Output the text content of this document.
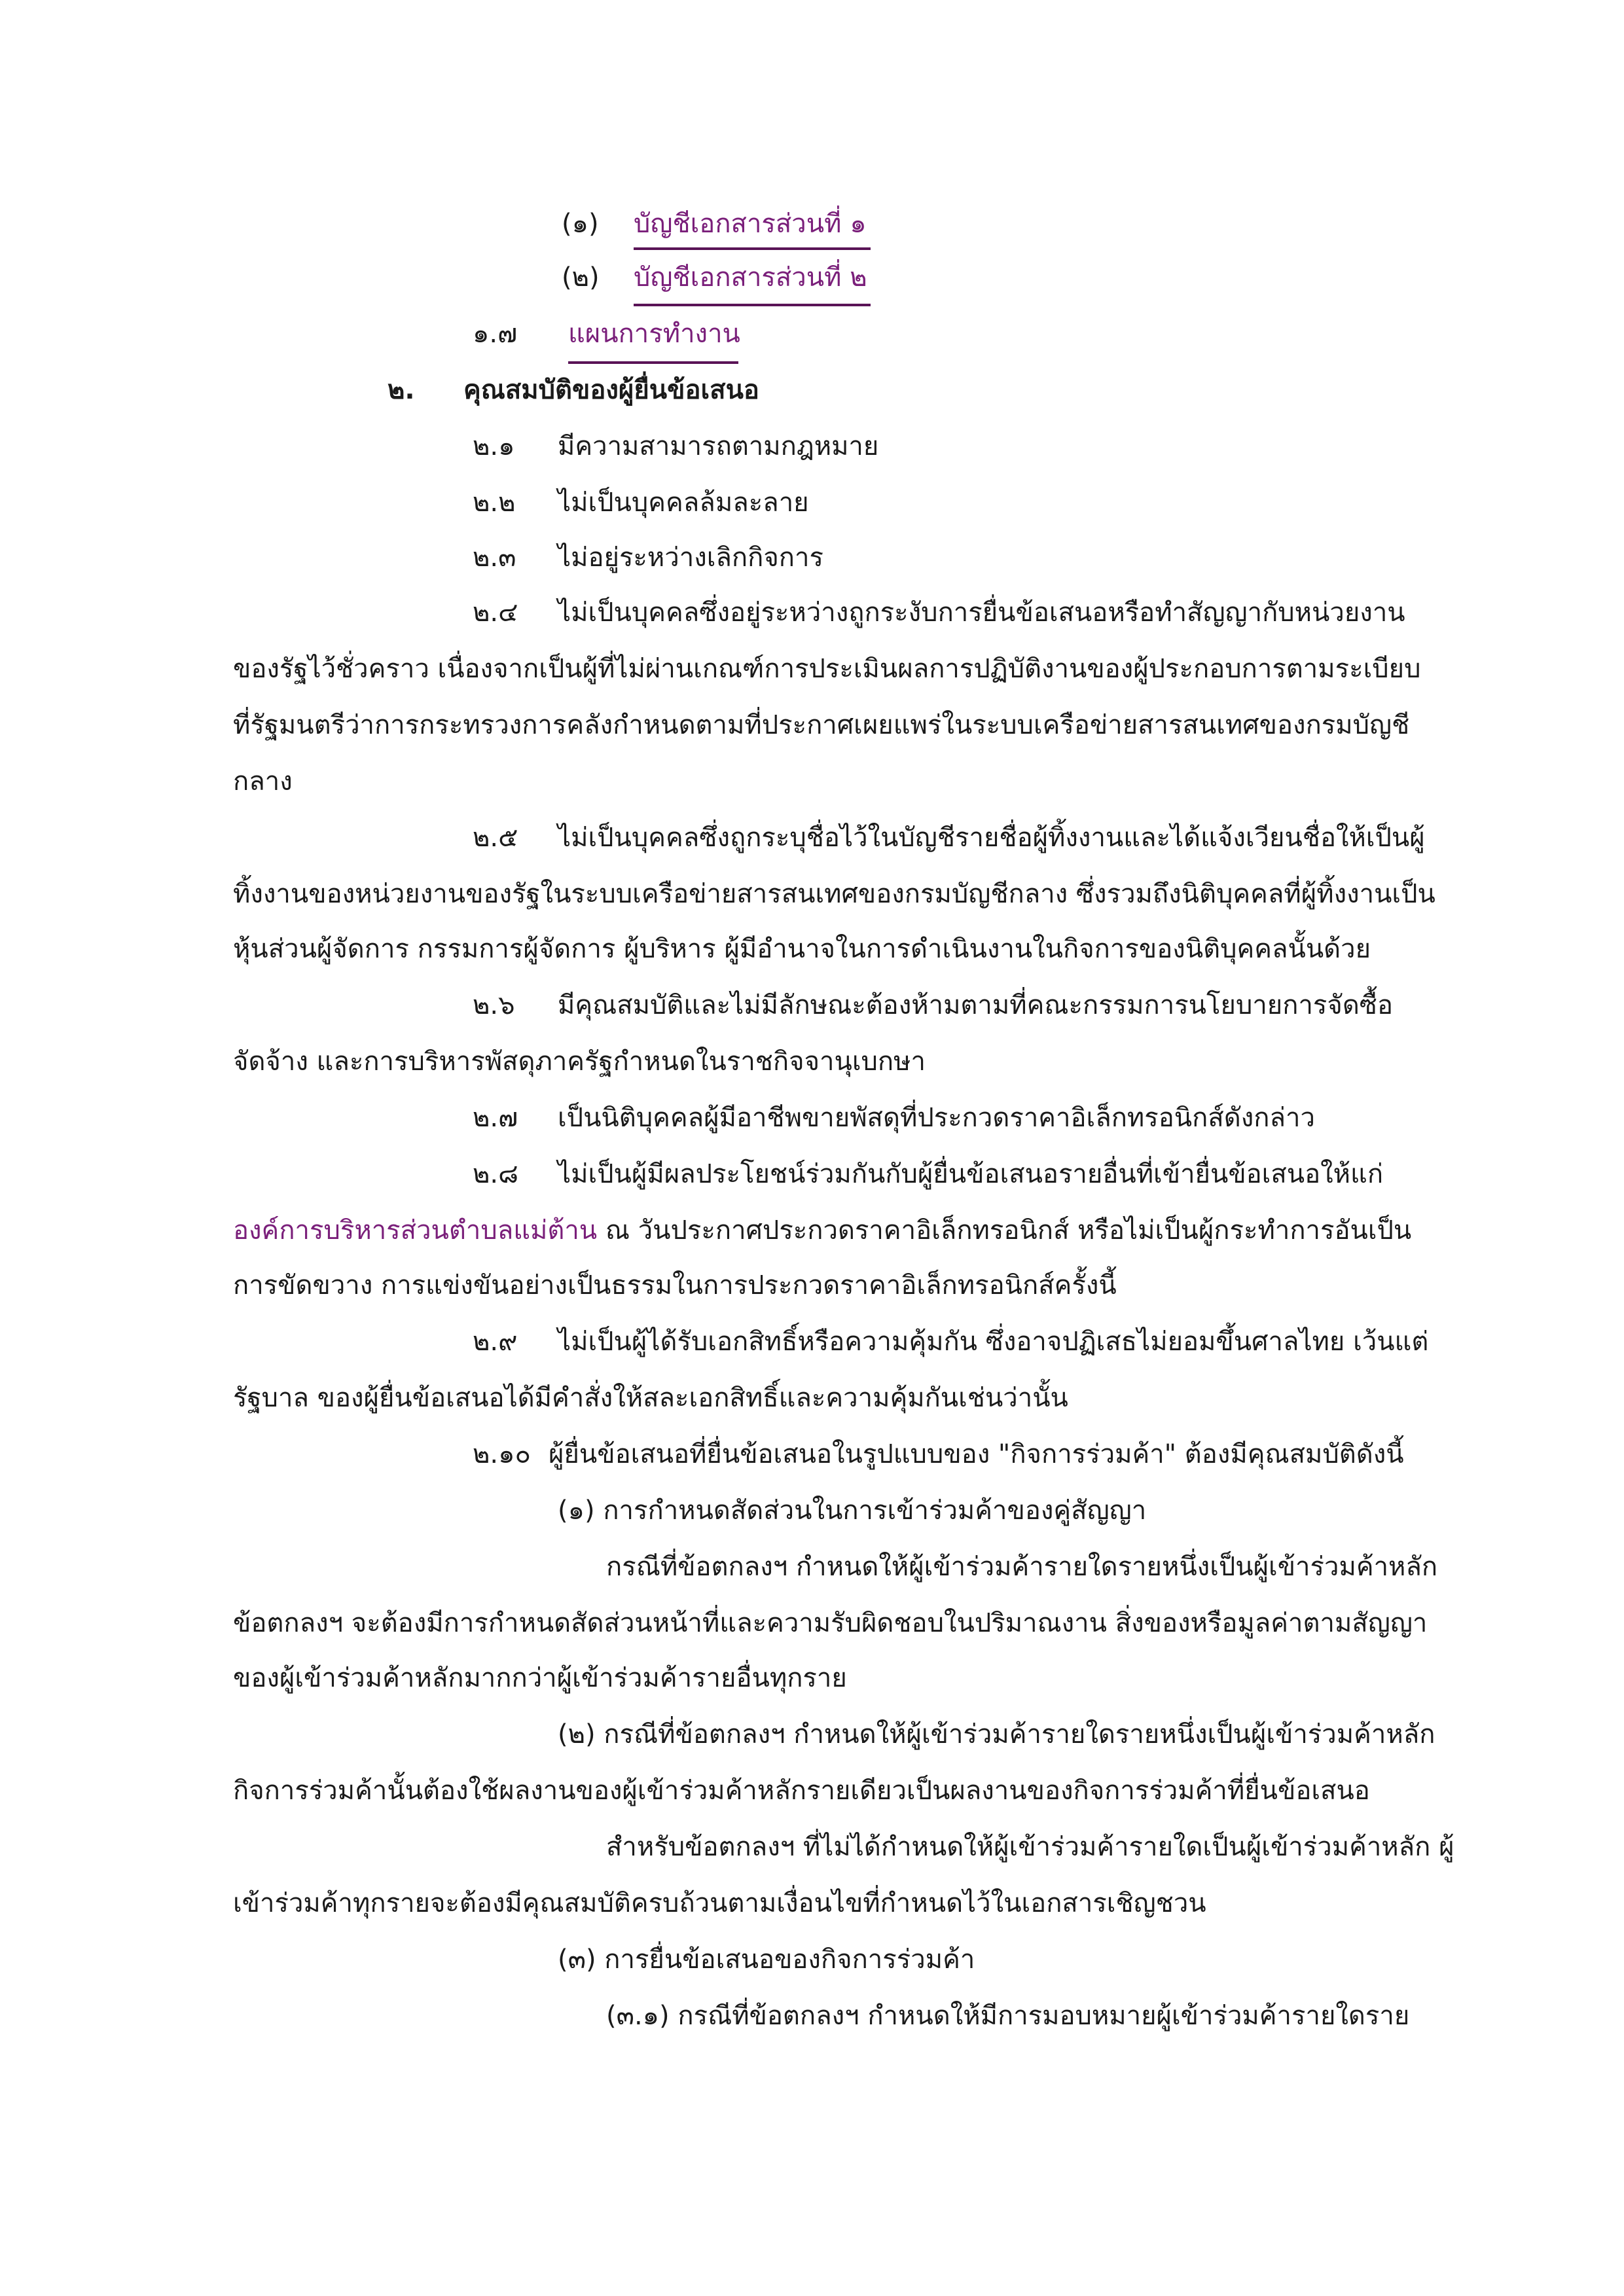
(๑) บัญชีเอกสารส่วนที่ ๑
(๒) บัญชีเอกสารส่วนที่ ๒
๑.๗ แผนการทำงาน
๒. คุณสมบัติของผู้ยื่นข้อเสนอ
๒.๑ มีความสามารถตามกฎหมาย
๒.๒ ไม่เป็นบุคคลล้มละลาย
๒.๓ ไม่อยู่ระหว่างเลิกกิจการ
๒.๔ ไม่เป็นบุคคลซึ่งอยู่ระหว่างถูกระงับการยื่นข้อเสนอหรือทำสัญญากับหน่วยงาน
ของรัฐไว้ชั่วคราว เนื่องจากเป็นผู้ที่ไม่ผ่านเกณฑ์การประเมินผลการปฏิบัติงานของผู้ประกอบการตามระเบียบ
ที่รัฐมนตรีว่าการกระทรวงการคลังกำหนดตามที่ประกาศเผยแพร่ในระบบเครือข่ายสารสนเทศของกรมบัญชี
กลาง
๒.๕ ไม่เป็นบุคคลซึ่งถูกระบุชื่อไว้ในบัญชีรายชื่อผู้ทิ้งงานและได้แจ้งเวียนชื่อให้เป็นผู้
ทิ้งงานของหน่วยงานของรัฐในระบบเครือข่ายสารสนเทศของกรมบัญชีกลาง ซึ่งรวมถึงนิติบุคคลที่ผู้ทิ้งงานเป็น
หุ้นส่วนผู้จัดการ กรรมการผู้จัดการ ผู้บริหาร ผู้มีอำนาจในการดำเนินงานในกิจการของนิติบุคคลนั้นด้วย
๒.๖ มีคุณสมบัติและไม่มีลักษณะต้องห้ามตามที่คณะกรรมการนโยบายการจัดซื้อ
จัดจ้าง และการบริหารพัสดุภาครัฐกำหนดในราชกิจจานุเบกษา
๒.๗ เป็นนิติบุคคลผู้มีอาชีพขายพัสดุที่ประกวดราคาอิเล็กทรอนิกส์ดังกล่าว
๒.๘ ไม่เป็นผู้มีผลประโยชน์ร่วมกันกับผู้ยื่นข้อเสนอรายอื่นที่เข้ายื่นข้อเสนอให้แก่
องค์การบริหารส่วนตำบลแม่ต้าน ณ วันประกาศประกวดราคาอิเล็กทรอนิกส์ หรือไม่เป็นผู้กระทำการอันเป็น
การขัดขวาง การแข่งขันอย่างเป็นธรรมในการประกวดราคาอิเล็กทรอนิกส์ครั้งนี้
๒.๙ ไม่เป็นผู้ได้รับเอกสิทธิ์หรือความคุ้มกัน ซึ่งอาจปฏิเสธไม่ยอมขึ้นศาลไทย เว้นแต่
รัฐบาล ของผู้ยื่นข้อเสนอได้มีคำสั่งให้สละเอกสิทธิ์และความคุ้มกันเช่นว่านั้น
๒.๑๐ ผู้ยื่นข้อเสนอที่ยื่นข้อเสนอในรูปแบบของ "กิจการร่วมค้า" ต้องมีคุณสมบัติดังนี้
(๑) การกำหนดสัดส่วนในการเข้าร่วมค้าของคู่สัญญา
กรณีที่ข้อตกลงฯ กำหนดให้ผู้เข้าร่วมค้ารายใดรายหนึ่งเป็นผู้เข้าร่วมค้าหลัก
ข้อตกลงฯ จะต้องมีการกำหนดสัดส่วนหน้าที่และความรับผิดชอบในปริมาณงาน สิ่งของหรือมูลค่าตามสัญญา
ของผู้เข้าร่วมค้าหลักมากกว่าผู้เข้าร่วมค้ารายอื่นทุกราย
(๒) กรณีที่ข้อตกลงฯ กำหนดให้ผู้เข้าร่วมค้ารายใดรายหนึ่งเป็นผู้เข้าร่วมค้าหลัก
กิจการร่วมค้านั้นต้องใช้ผลงานของผู้เข้าร่วมค้าหลักรายเดียวเป็นผลงานของกิจการร่วมค้าที่ยื่นข้อเสนอ
สำหรับข้อตกลงฯ ที่ไม่ได้กำหนดให้ผู้เข้าร่วมค้ารายใดเป็นผู้เข้าร่วมค้าหลัก ผู้
เข้าร่วมค้าทุกรายจะต้องมีคุณสมบัติครบถ้วนตามเงื่อนไขที่กำหนดไว้ในเอกสารเชิญชวน
(๓) การยื่นข้อเสนอของกิจการร่วมค้า
(๓.๑) กรณีที่ข้อตกลงฯ กำหนดให้มีการมอบหมายผู้เข้าร่วมค้ารายใดราย
